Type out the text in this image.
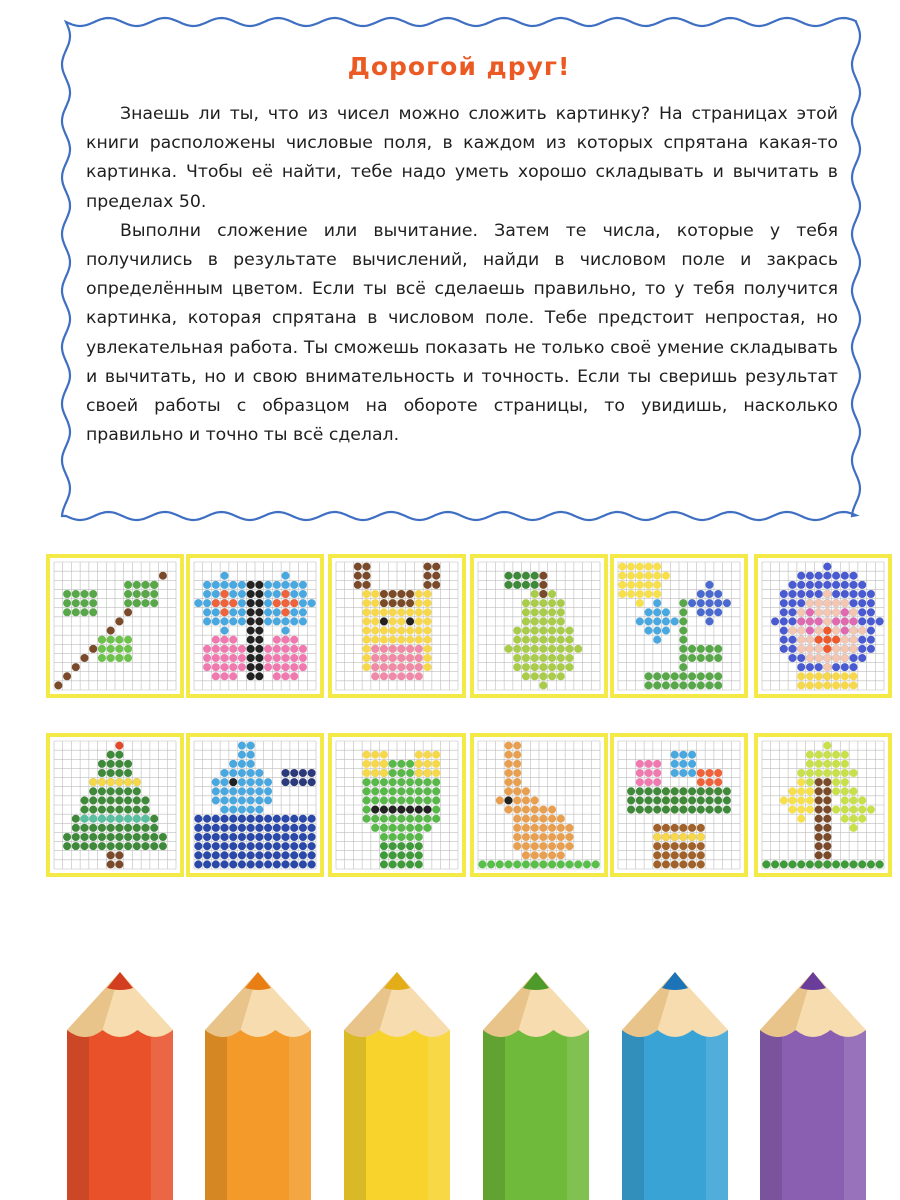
Дорогой друг!

Знаешь ли ты, что из чисел можно сложить картинку? На страницах этой книги расположены числовые поля, в каждом из которых спрятана какая-то картинка. Чтобы её найти, тебе надо уметь хорошо складывать и вычитать в пределах 50.

Выполни сложение или вычитание. Затем те числа, которые у тебя получились в результате вычислений, найди в числовом поле и закрась определённым цветом. Если ты всё сделаешь правильно, то у тебя получится картинка, которая спрятана в числовом поле. Тебе предстоит непростая, но увлекательная работа. Ты сможешь показать не только своё умение складывать и вычитать, но и свою внимательность и точность. Если ты сверишь результат своей работы с образцом на обороте страницы, то увидишь, насколько правильно и точно ты всё сделал.
